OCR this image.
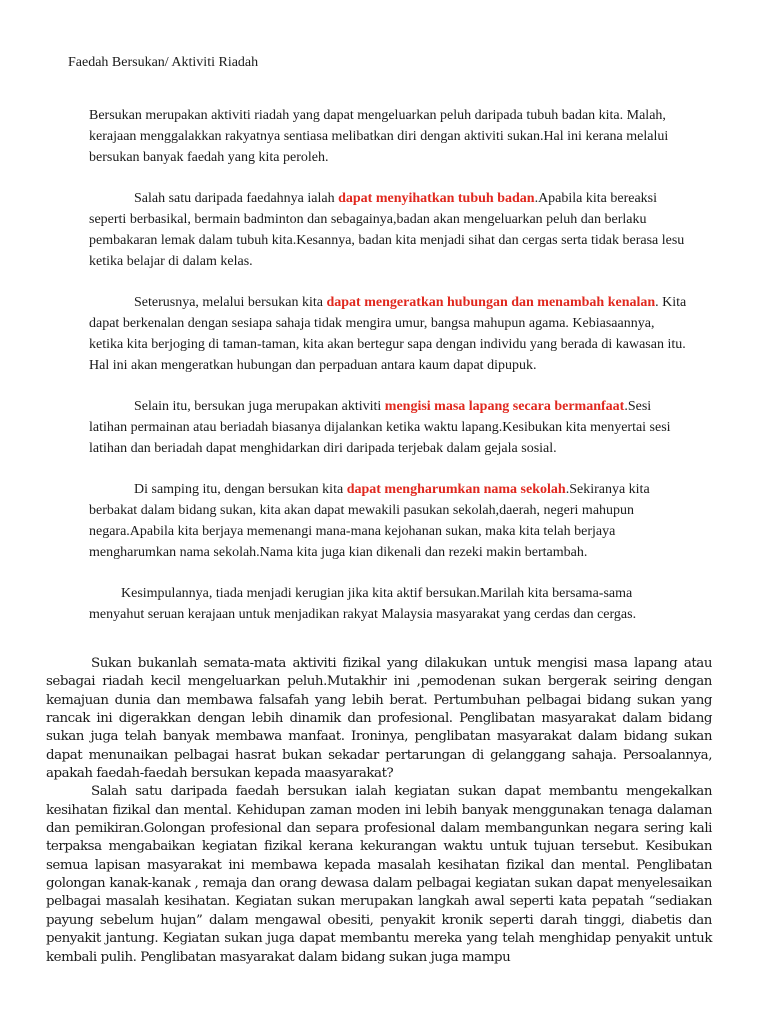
Faedah Bersukan/ Aktiviti Riadah

Bersukan merupakan aktiviti riadah yang dapat mengeluarkan peluh daripada tubuh badan kita. Malah, kerajaan menggalakkan rakyatnya sentiasa melibatkan diri dengan aktiviti sukan.Hal ini kerana melalui bersukan banyak faedah yang kita peroleh.

Salah satu daripada faedahnya ialah dapat menyihatkan tubuh badan.Apabila kita bereaksi seperti berbasikal, bermain badminton dan sebagainya,badan akan mengeluarkan peluh dan berlaku pembakaran lemak dalam tubuh kita.Kesannya, badan kita menjadi sihat dan cergas serta tidak berasa lesu ketika belajar di dalam kelas.

Seterusnya, melalui bersukan kita dapat mengeratkan hubungan dan menambah kenalan. Kita dapat berkenalan dengan sesiapa sahaja tidak mengira umur, bangsa mahupun agama. Kebiasaannya, ketika kita berjoging di taman-taman, kita akan bertegur sapa dengan individu yang berada di kawasan itu. Hal ini akan mengeratkan hubungan dan perpaduan antara kaum dapat dipupuk.

Selain itu, bersukan juga merupakan aktiviti mengisi masa lapang secara bermanfaat.Sesi latihan permainan atau beriadah biasanya dijalankan ketika waktu lapang.Kesibukan kita menyertai sesi latihan dan beriadah dapat menghidarkan diri daripada terjebak dalam gejala sosial.

Di samping itu, dengan bersukan kita dapat mengharumkan nama sekolah.Sekiranya kita berbakat dalam bidang sukan, kita akan dapat mewakili pasukan sekolah,daerah, negeri mahupun negara.Apabila kita berjaya memenangi mana-mana kejohanan sukan, maka kita telah berjaya mengharumkan nama sekolah.Nama kita juga kian dikenali dan rezeki makin bertambah.

Kesimpulannya, tiada menjadi kerugian jika kita aktif bersukan.Marilah kita bersama-sama menyahut seruan kerajaan untuk menjadikan rakyat Malaysia masyarakat yang cerdas dan cergas.

Sukan bukanlah semata-mata aktiviti fizikal yang dilakukan untuk mengisi masa lapang atau sebagai riadah kecil mengeluarkan peluh.Mutakhir ini ,pemodenan sukan bergerak seiring dengan kemajuan dunia dan membawa falsafah yang lebih berat. Pertumbuhan pelbagai bidang sukan yang rancak ini digerakkan dengan lebih dinamik dan profesional. Penglibatan masyarakat dalam bidang sukan juga telah banyak membawa manfaat. Ironinya, penglibatan masyarakat dalam bidang sukan dapat menunaikan pelbagai hasrat bukan sekadar pertarungan di gelanggang sahaja. Persoalannya, apakah faedah-faedah bersukan kepada maasyarakat?

Salah satu daripada faedah bersukan ialah kegiatan sukan dapat membantu mengekalkan kesihatan fizikal dan mental. Kehidupan zaman moden ini lebih banyak menggunakan tenaga dalaman dan pemikiran.Golongan profesional dan separa profesional dalam membangunkan negara sering kali terpaksa mengabaikan kegiatan fizikal kerana kekurangan waktu untuk tujuan tersebut. Kesibukan semua lapisan masyarakat ini membawa kepada masalah kesihatan fizikal dan mental. Penglibatan golongan kanak-kanak , remaja dan orang dewasa dalam pelbagai kegiatan sukan dapat menyelesaikan pelbagai masalah kesihatan. Kegiatan sukan merupakan langkah awal seperti kata pepatah “sediakan payung sebelum hujan” dalam mengawal obesiti, penyakit kronik seperti darah tinggi, diabetis dan penyakit jantung. Kegiatan sukan juga dapat membantu mereka yang telah menghidap penyakit untuk kembali pulih. Penglibatan masyarakat dalam bidang sukan juga mampu
